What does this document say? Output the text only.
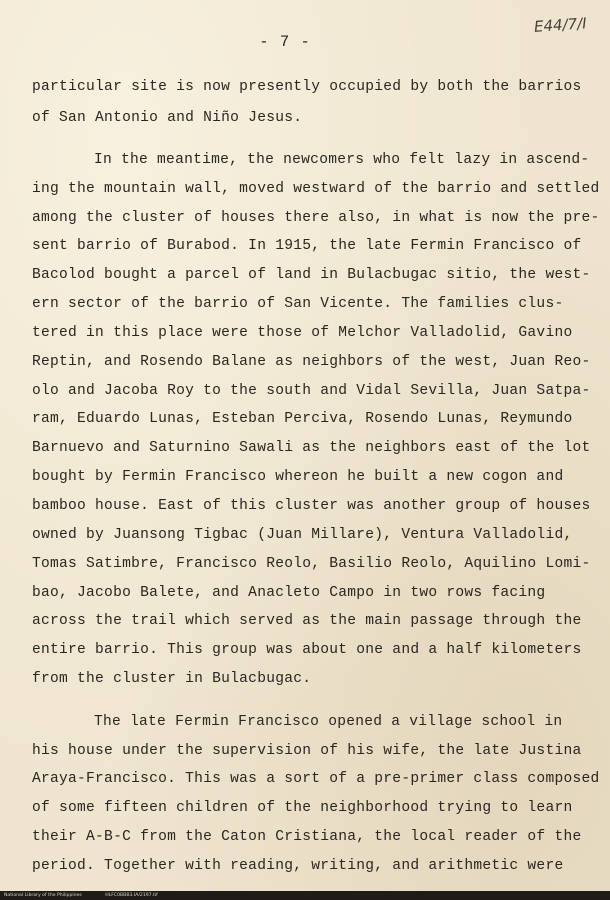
- 7 -
E44/7/I
particular site is now presently occupied by both the barrios
of San Antonio and Niño Jesus.
In the meantime, the newcomers who felt lazy in ascend-
ing the mountain wall, moved westward of the barrio and settled
among the cluster of houses there also, in what is now the pre-
sent barrio of Burabod. In 1915, the late Fermin Francisco of
Bacolod bought a parcel of land in Bulacbugac sitio, the west-
ern sector of the barrio of San Vicente. The families clus-
tered in this place were those of Melchor Valladolid, Gavino
Reptin, and Rosendo Balane as neighbors of the west, Juan Reo-
olo and Jacoba Roy to the south and Vidal Sevilla, Juan Satpa-
ram, Eduardo Lunas, Esteban Perciva, Rosendo Lunas, Reymundo
Barnuevo and Saturnino Sawali as the neighbors east of the lot
bought by Fermin Francisco whereon he built a new cogon and
bamboo house. East of this cluster was another group of houses
owned by Juansong Tigbac (Juan Millare), Ventura Valladolid,
Tomas Satimbre, Francisco Reolo, Basilio Reolo, Aquilino Lomi-
bao, Jacobo Balete, and Anacleto Campo in two rows facing
across the trail which served as the main passage through the
entire barrio. This group was about one and a half kilometers
from the cluster in Bulacbugac.
The late Fermin Francisco opened a village school in
his house under the supervision of his wife, the late Justina
Araya-Francisco. This was a sort of a pre-primer class composed
of some fifteen children of the neighborhood trying to learn
their A-B-C from the Caton Cristiana, the local reader of the
period. Together with reading, writing, and arithmetic were
National Library of the Philippines	HLFC0BBB3.IA/2197.tif
